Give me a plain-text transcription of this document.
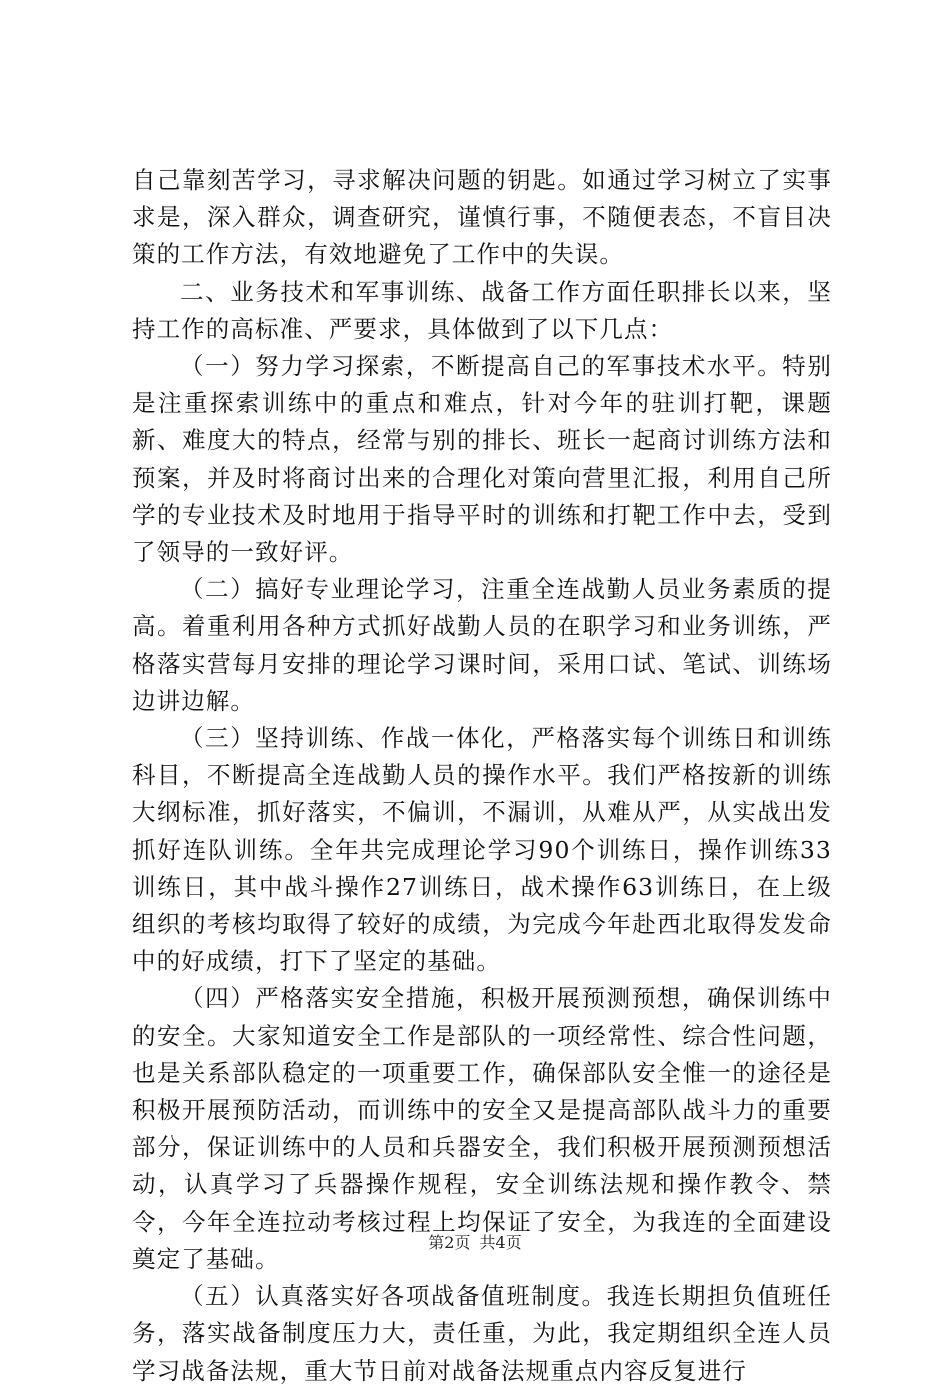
自己靠刻苦学习，寻求解决问题的钥匙。如通过学习树立了实事求是，深入群众，调查研究，谨慎行事，不随便表态，不盲目决策的工作方法，有效地避免了工作中的失误。

二、业务技术和军事训练、战备工作方面任职排长以来，坚持工作的高标准、严要求，具体做到了以下几点：

（一）努力学习探索，不断提高自己的军事技术水平。特别是注重探索训练中的重点和难点，针对今年的驻训打靶，课题新、难度大的特点，经常与别的排长、班长一起商讨训练方法和预案，并及时将商讨出来的合理化对策向营里汇报，利用自己所学的专业技术及时地用于指导平时的训练和打靶工作中去，受到了领导的一致好评。

（二）搞好专业理论学习，注重全连战勤人员业务素质的提高。着重利用各种方式抓好战勤人员的在职学习和业务训练，严格落实营每月安排的理论学习课时间，采用口试、笔试、训练场边讲边解。

（三）坚持训练、作战一体化，严格落实每个训练日和训练科目，不断提高全连战勤人员的操作水平。我们严格按新的训练大纲标准，抓好落实，不偏训，不漏训，从难从严，从实战出发抓好连队训练。全年共完成理论学习90个训练日，操作训练33训练日，其中战斗操作27训练日，战术操作63训练日，在上级组织的考核均取得了较好的成绩，为完成今年赴西北取得发发命中的好成绩，打下了坚定的基础。

（四）严格落实安全措施，积极开展预测预想，确保训练中的安全。大家知道安全工作是部队的一项经常性、综合性问题，也是关系部队稳定的一项重要工作，确保部队安全惟一的途径是积极开展预防活动，而训练中的安全又是提高部队战斗力的重要部分，保证训练中的人员和兵器安全，我们积极开展预测预想活动，认真学习了兵器操作规程，安全训练法规和操作教令、禁令，今年全连拉动考核过程上均保证了安全，为我连的全面建设奠定了基础。

（五）认真落实好各项战备值班制度。我连长期担负值班任务，落实战备制度压力大，责任重，为此，我定期组织全连人员学习战备法规，重大节日前对战备法规重点内容反复进行

第2页 共4页
